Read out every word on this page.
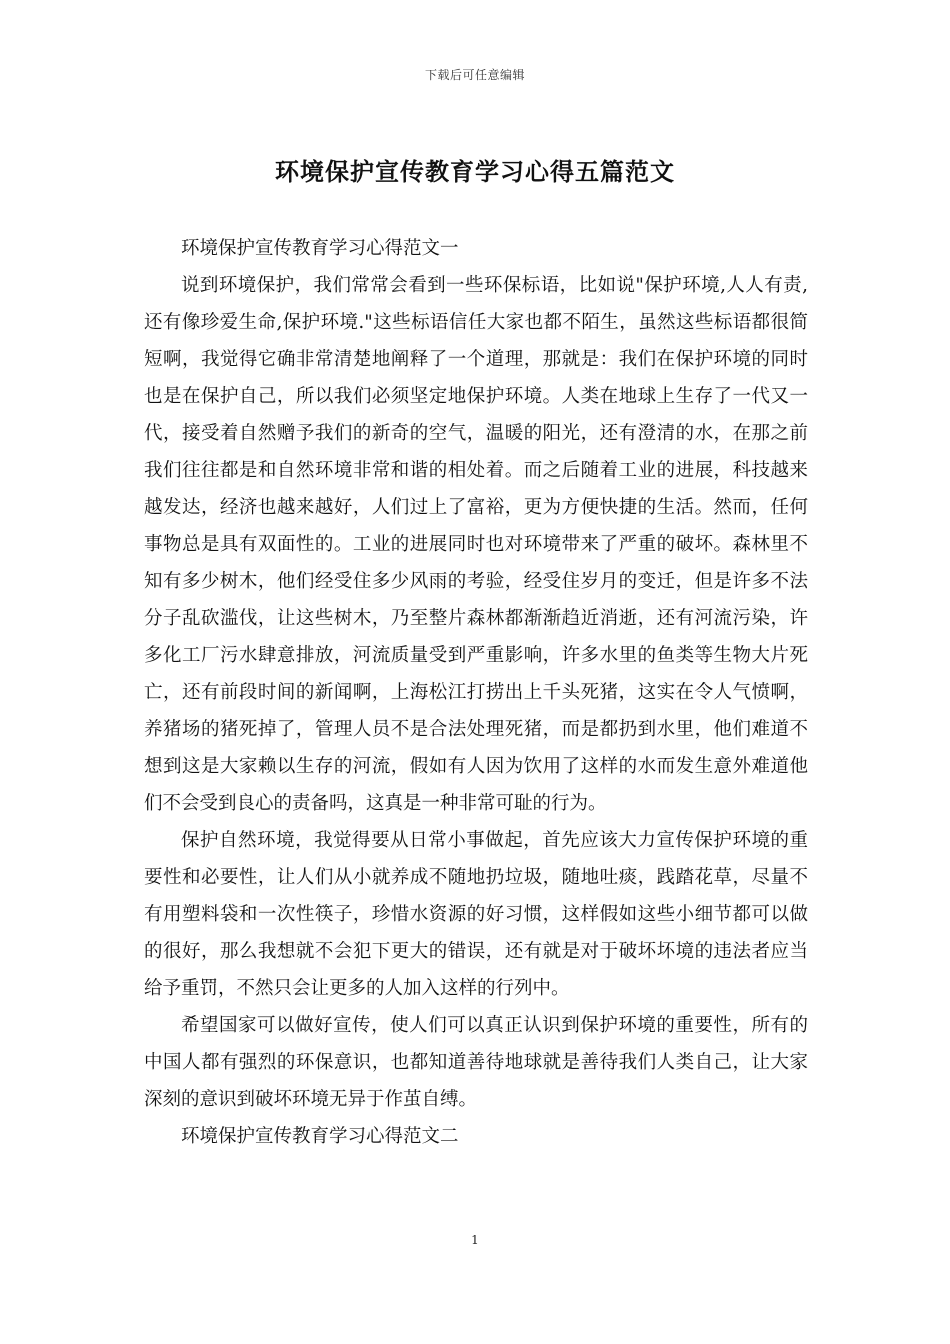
下载后可任意编辑
环境保护宣传教育学习心得五篇范文

环境保护宣传教育学习心得范文一

说到环境保护，我们常常会看到一些环保标语，比如说"保护环境,人人有责,还有像珍爱生命,保护环境."这些标语信任大家也都不陌生，虽然这些标语都很简短啊，我觉得它确非常清楚地阐释了一个道理，那就是：我们在保护环境的同时也是在保护自己，所以我们必须坚定地保护环境。人类在地球上生存了一代又一代，接受着自然赠予我们的新奇的空气，温暖的阳光，还有澄清的水，在那之前我们往往都是和自然环境非常和谐的相处着。而之后随着工业的进展，科技越来越发达，经济也越来越好，人们过上了富裕，更为方便快捷的生活。然而，任何事物总是具有双面性的。工业的进展同时也对环境带来了严重的破坏。森林里不知有多少树木，他们经受住多少风雨的考验，经受住岁月的变迁，但是许多不法分子乱砍滥伐，让这些树木，乃至整片森林都渐渐趋近消逝，还有河流污染，许多化工厂污水肆意排放，河流质量受到严重影响，许多水里的鱼类等生物大片死亡，还有前段时间的新闻啊，上海松江打捞出上千头死猪，这实在令人气愤啊，养猪场的猪死掉了，管理人员不是合法处理死猪，而是都扔到水里，他们难道不想到这是大家赖以生存的河流，假如有人因为饮用了这样的水而发生意外难道他们不会受到良心的责备吗，这真是一种非常可耻的行为。

保护自然环境，我觉得要从日常小事做起，首先应该大力宣传保护环境的重要性和必要性，让人们从小就养成不随地扔垃圾，随地吐痰，践踏花草，尽量不有用塑料袋和一次性筷子，珍惜水资源的好习惯，这样假如这些小细节都可以做的很好，那么我想就不会犯下更大的错误，还有就是对于破坏坏境的违法者应当给予重罚，不然只会让更多的人加入这样的行列中。

希望国家可以做好宣传，使人们可以真正认识到保护环境的重要性，所有的中国人都有强烈的环保意识，也都知道善待地球就是善待我们人类自己，让大家深刻的意识到破坏环境无异于作茧自缚。

环境保护宣传教育学习心得范文二

1
